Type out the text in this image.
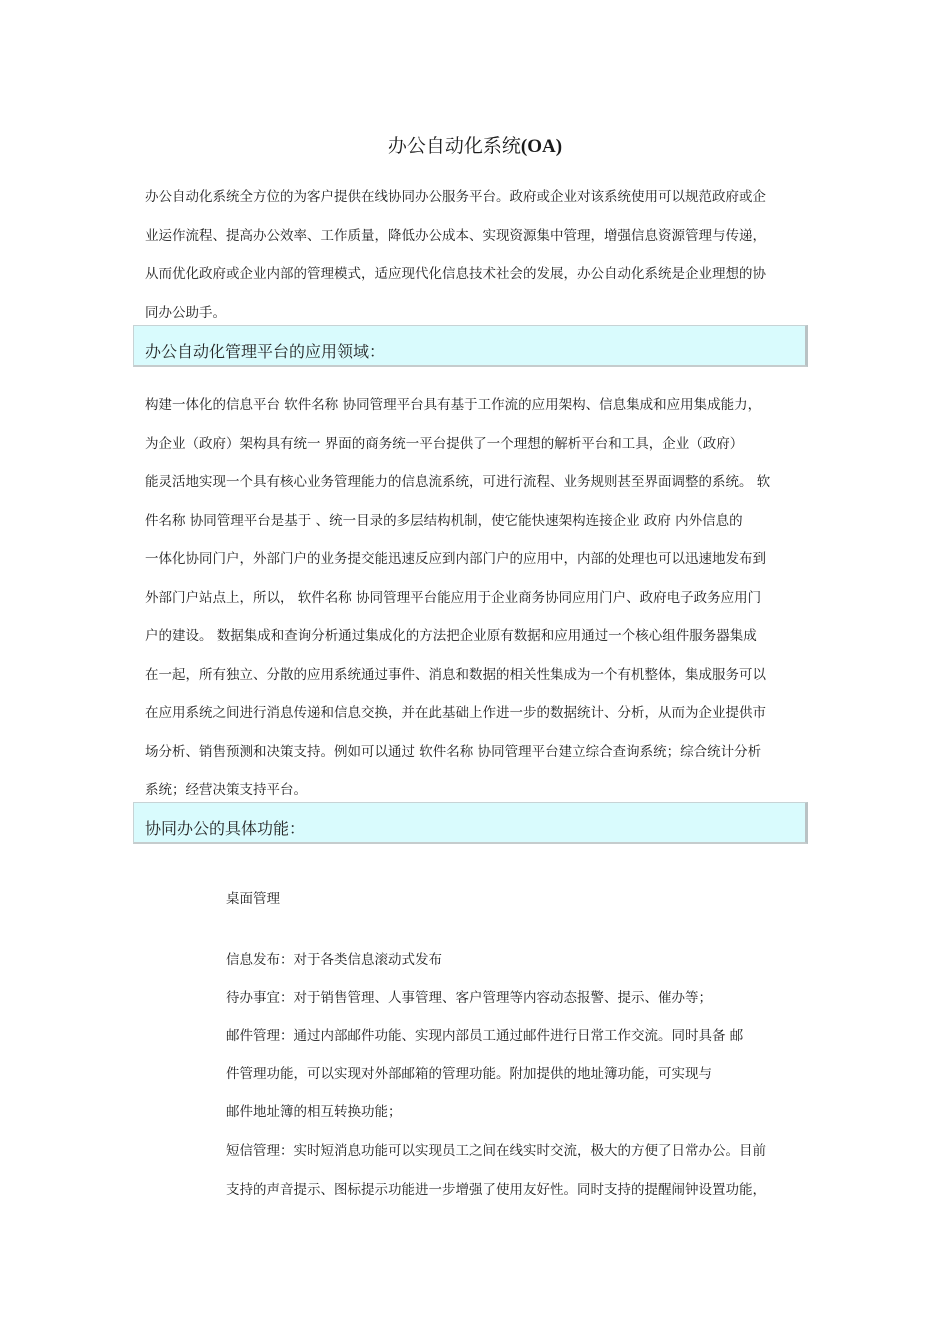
办公自动化系统(OA)
办公自动化系统全方位的为客户提供在线协同办公服务平台。政府或企业对该系统使用可以规范政府或企
业运作流程、提高办公效率、工作质量，降低办公成本、实现资源集中管理，增强信息资源管理与传递，
从而优化政府或企业内部的管理模式，适应现代化信息技术社会的发展，办公自动化系统是企业理想的协
同办公助手。
办公自动化管理平台的应用领域：
构建一体化的信息平台 软件名称 协同管理平台具有基于工作流的应用架构、信息集成和应用集成能力，
为企业（政府）架构具有统一 界面的商务统一平台提供了一个理想的解析平台和工具，企业（政府）
能灵活地实现一个具有核心业务管理能力的信息流系统，可进行流程、业务规则甚至界面调整的系统。 软
件名称 协同管理平台是基于 、统一目录的多层结构机制，使它能快速架构连接企业 政府 内外信息的
一体化协同门户，外部门户的业务提交能迅速反应到内部门户的应用中，内部的处理也可以迅速地发布到
外部门户站点上，所以， 软件名称 协同管理平台能应用于企业商务协同应用门户、政府电子政务应用门
户的建设。 数据集成和查询分析通过集成化的方法把企业原有数据和应用通过一个核心组件服务器集成
在一起，所有独立、分散的应用系统通过事件、消息和数据的相关性集成为一个有机整体，集成服务可以
在应用系统之间进行消息传递和信息交换，并在此基础上作进一步的数据统计、分析，从而为企业提供市
场分析、销售预测和决策支持。例如可以通过 软件名称 协同管理平台建立综合查询系统；综合统计分析
系统；经营决策支持平台。
协同办公的具体功能：
桌面管理
信息发布：对于各类信息滚动式发布
待办事宜：对于销售管理、人事管理、客户管理等内容动态报警、提示、催办等；
邮件管理：通过内部邮件功能、实现内部员工通过邮件进行日常工作交流。同时具备 邮
件管理功能，可以实现对外部邮箱的管理功能。附加提供的地址簿功能，可实现与
邮件地址簿的相互转换功能；
短信管理：实时短消息功能可以实现员工之间在线实时交流，极大的方便了日常办公。目前
支持的声音提示、图标提示功能进一步增强了使用友好性。同时支持的提醒闹钟设置功能，
